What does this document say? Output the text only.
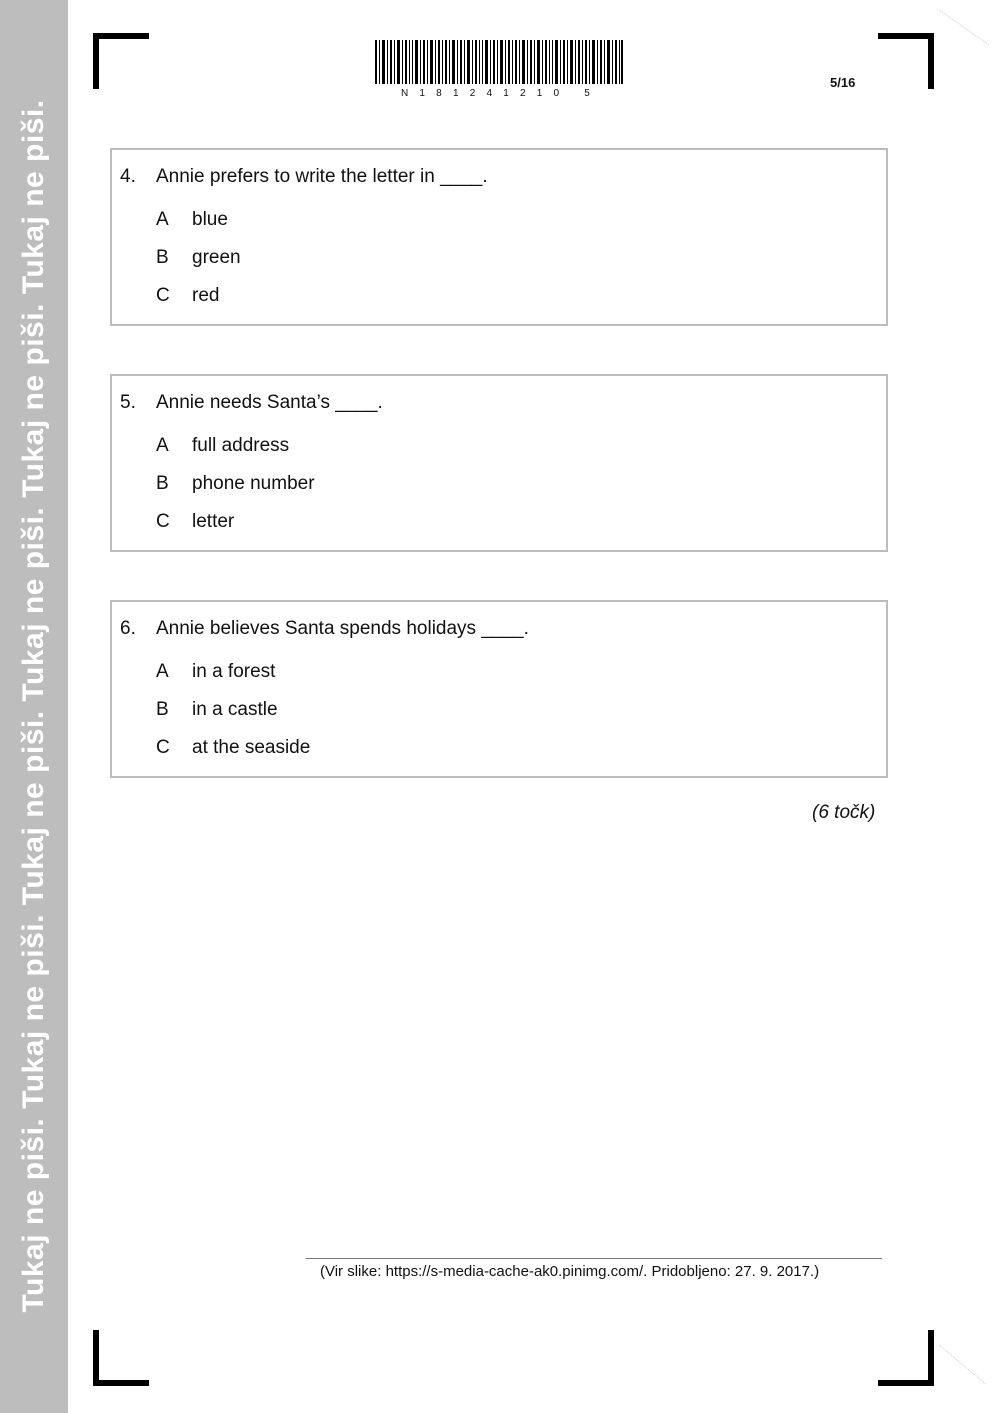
Tukaj ne piši. Tukaj ne piši. Tukaj ne piši. Tukaj ne piši. Tukaj ne piši. Tukaj ne piši.
N181241210 5
5/16
4. Annie prefers to write the letter in ____.
A blue
B green
C red
5. Annie needs Santa’s ____.
A full address
B phone number
C letter
6. Annie believes Santa spends holidays ____.
A in a forest
B in a castle
C at the seaside
(6 točk)
(Vir slike: https://s-media-cache-ak0.pinimg.com/. Pridobljeno: 27. 9. 2017.)
